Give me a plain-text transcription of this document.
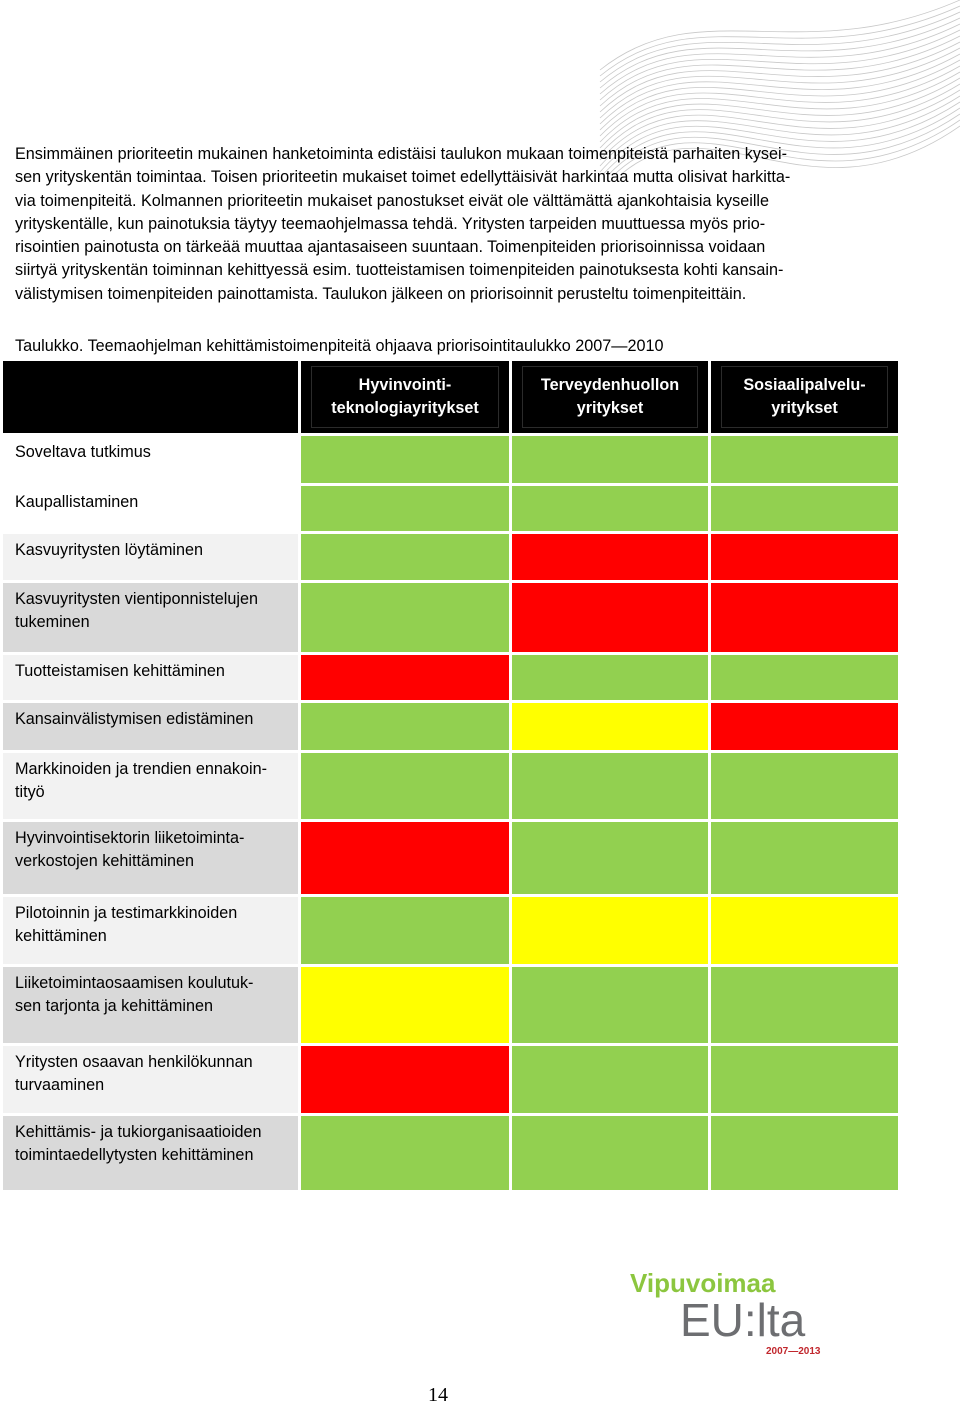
Ensimmäinen prioriteetin mukainen hanketoiminta edistäisi taulukon mukaan toimenpiteistä parhaiten kysei-
sen yrityskentän toimintaa. Toisen prioriteetin mukaiset toimet edellyttäisivät harkintaa mutta olisivat harkitta-
via toimenpiteitä. Kolmannen prioriteetin mukaiset panostukset eivät ole välttämättä ajankohtaisia kyseille
yrityskentälle, kun painotuksia täytyy teemaohjelmassa tehdä. Yritysten tarpeiden muuttuessa myös prio-
risointien painotusta on tärkeää muuttaa ajantasaiseen suuntaan. Toimenpiteiden priorisoinnissa voidaan
siirtyä yrityskentän toiminnan kehittyessä esim. tuotteistamisen toimenpiteiden painotuksesta kohti kansain-
välistymisen toimenpiteiden painottamista. Taulukon jälkeen on priorisoinnit perusteltu toimenpiteittäin.

Taulukko. Teemaohjelman kehittämistoimenpiteitä ohjaava priorisointitaulukko 2007—2010

	Hyvinvointi-
teknologiayritykset	Terveydenhuollon
yritykset	Sosiaalipalvelu-
yritykset

Soveltava tutkimus			
Kaupallistaminen			
Kasvuyritysten löytäminen			
Kasvuyritysten vientiponnistelujen
tukeminen			
Tuotteistamisen kehittäminen			
Kansainvälistymisen edistäminen			
Markkinoiden ja trendien ennakoin-
tityö			
Hyvinvointisektorin liiketoiminta-
verkostojen kehittäminen			
Pilotoinnin ja testimarkkinoiden
kehittäminen			
Liiketoimintaosaamisen koulutuk-
sen tarjonta ja kehittäminen			
Yritysten osaavan henkilökunnan
turvaaminen			
Kehittämis- ja tukiorganisaatioiden
toimintaedellytysten kehittäminen			
Vipuvoimaa
EU:lta
2007—2013
14
